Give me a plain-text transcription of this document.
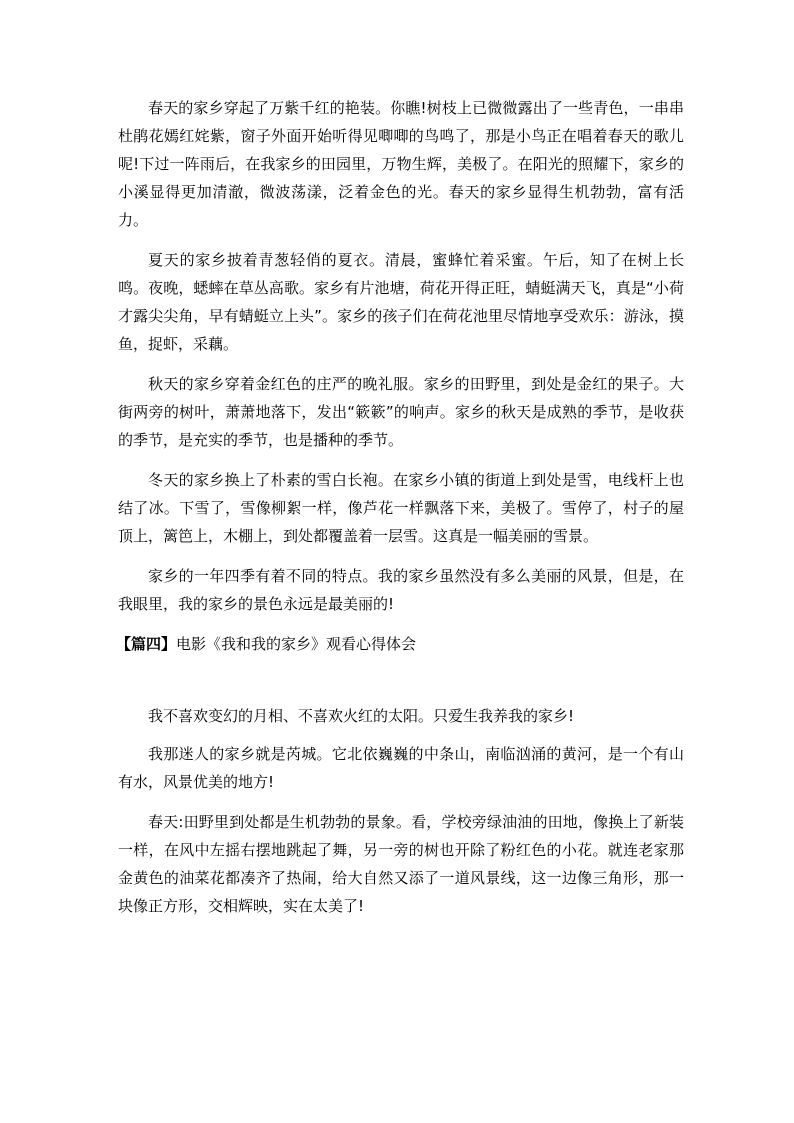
春天的家乡穿起了万紫千红的艳装。你瞧!树枝上已微微露出了一些青色，一串串杜鹃花嫣红姹紫，窗子外面开始听得见唧唧的鸟鸣了，那是小鸟正在唱着春天的歌儿呢!下过一阵雨后，在我家乡的田园里，万物生辉，美极了。在阳光的照耀下，家乡的小溪显得更加清澈，微波荡漾，泛着金色的光。春天的家乡显得生机勃勃，富有活力。

夏天的家乡披着青葱轻俏的夏衣。清晨，蜜蜂忙着采蜜。午后，知了在树上长鸣。夜晚，蟋蟀在草丛高歌。家乡有片池塘，荷花开得正旺，蜻蜓满天飞，真是“小荷才露尖尖角，早有蜻蜓立上头”。家乡的孩子们在荷花池里尽情地享受欢乐：游泳，摸鱼，捉虾，采藕。

秋天的家乡穿着金红色的庄严的晚礼服。家乡的田野里，到处是金红的果子。大街两旁的树叶，萧萧地落下，发出“簌簌”的响声。家乡的秋天是成熟的季节，是收获的季节，是充实的季节，也是播种的季节。

冬天的家乡换上了朴素的雪白长袍。在家乡小镇的街道上到处是雪，电线杆上也结了冰。下雪了，雪像柳絮一样，像芦花一样飘落下来，美极了。雪停了，村子的屋顶上，篱笆上，木棚上，到处都覆盖着一层雪。这真是一幅美丽的雪景。

家乡的一年四季有着不同的特点。我的家乡虽然没有多么美丽的风景，但是，在我眼里，我的家乡的景色永远是最美丽的!

【篇四】电影《我和我的家乡》观看心得体会

我不喜欢变幻的月相、不喜欢火红的太阳。只爱生我养我的家乡!

我那迷人的家乡就是芮城。它北依巍巍的中条山，南临汹涌的黄河，是一个有山有水，风景优美的地方!

春天:田野里到处都是生机勃勃的景象。看，学校旁绿油油的田地，像换上了新装一样，在风中左摇右摆地跳起了舞，另一旁的树也开除了粉红色的小花。就连老家那金黄色的油菜花都凑齐了热闹，给大自然又添了一道风景线，这一边像三角形，那一块像正方形，交相辉映，实在太美了!
